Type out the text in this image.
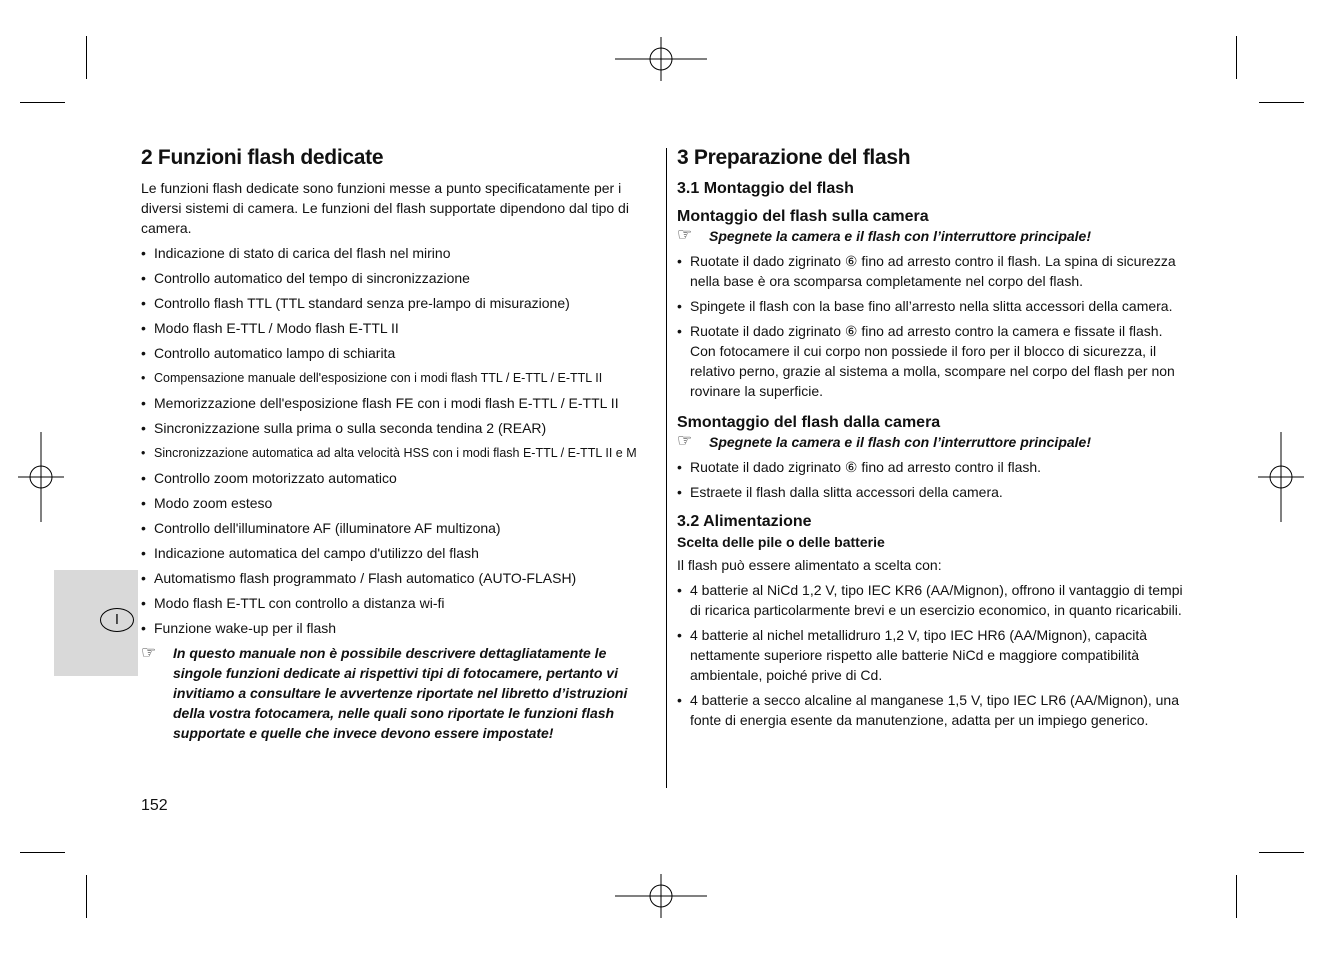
I
2 Funzioni flash dedicate

Le funzioni flash dedicate sono funzioni messe a punto specificatamente per i diversi sistemi di camera. Le funzioni del flash supportate dipendono dal tipo di camera.

• Indicazione di stato di carica del flash nel mirino
• Controllo automatico del tempo di sincronizzazione
• Controllo flash TTL (TTL standard senza pre-lampo di misurazione)
• Modo flash E-TTL / Modo flash E-TTL II
• Controllo automatico lampo di schiarita
• Compensazione manuale dell'esposizione con i modi flash TTL / E-TTL / E-TTL II
• Memorizzazione dell'esposizione flash FE con i modi flash E-TTL / E-TTL II
• Sincronizzazione sulla prima o sulla seconda tendina 2 (REAR)
• Sincronizzazione automatica ad alta velocità HSS con i modi flash E-TTL / E-TTL II e M
• Controllo zoom motorizzato automatico
• Modo zoom esteso
• Controllo dell'illuminatore AF (illuminatore AF multizona)
• Indicazione automatica del campo d'utilizzo del flash
• Automatismo flash programmato / Flash automatico (AUTO-FLASH)
• Modo flash E-TTL con controllo a distanza wi-fi
• Funzione wake-up per il flash
☞ In questo manuale non è possibile descrivere dettagliatamente le singole funzioni dedicate ai rispettivi tipi di fotocamere, pertanto vi invitiamo a consultare le avvertenze riportate nel libretto d’istruzioni della vostra fotocamera, nelle quali sono riportate le funzioni flash supportate e quelle che invece devono essere impostate!
3 Preparazione del flash
3.1 Montaggio del flash
Montaggio del flash sulla camera
☞ Spegnete la camera e il flash con l’interruttore principale!
• Ruotate il dado zigrinato ⑥ fino ad arresto contro il flash. La spina di sicurezza nella base è ora scomparsa completamente nel corpo del flash.
• Spingete il flash con la base fino all’arresto nella slitta accessori della camera.
• Ruotate il dado zigrinato ⑥ fino ad arresto contro la camera e fissate il flash. Con fotocamere il cui corpo non possiede il foro per il blocco di sicurezza, il relativo perno, grazie al sistema a molla, scompare nel corpo del flash per non rovinare la superficie.
Smontaggio del flash dalla camera
☞ Spegnete la camera e il flash con l’interruttore principale!
• Ruotate il dado zigrinato ⑥ fino ad arresto contro il flash.
• Estraete il flash dalla slitta accessori della camera.
3.2 Alimentazione
Scelta delle pile o delle batterie

Il flash può essere alimentato a scelta con:

• 4 batterie al NiCd 1,2 V, tipo IEC KR6 (AA/Mignon), offrono il vantaggio di tempi di ricarica particolarmente brevi e un esercizio economico, in quanto ricaricabili.
• 4 batterie al nichel metallidruro 1,2 V, tipo IEC HR6 (AA/Mignon), capacità nettamente superiore rispetto alle batterie NiCd e maggiore compatibilità ambientale, poiché prive di Cd.
• 4 batterie a secco alcaline al manganese 1,5 V, tipo IEC LR6 (AA/Mignon), una fonte di energia esente da manutenzione, adatta per un impiego generico.
152
